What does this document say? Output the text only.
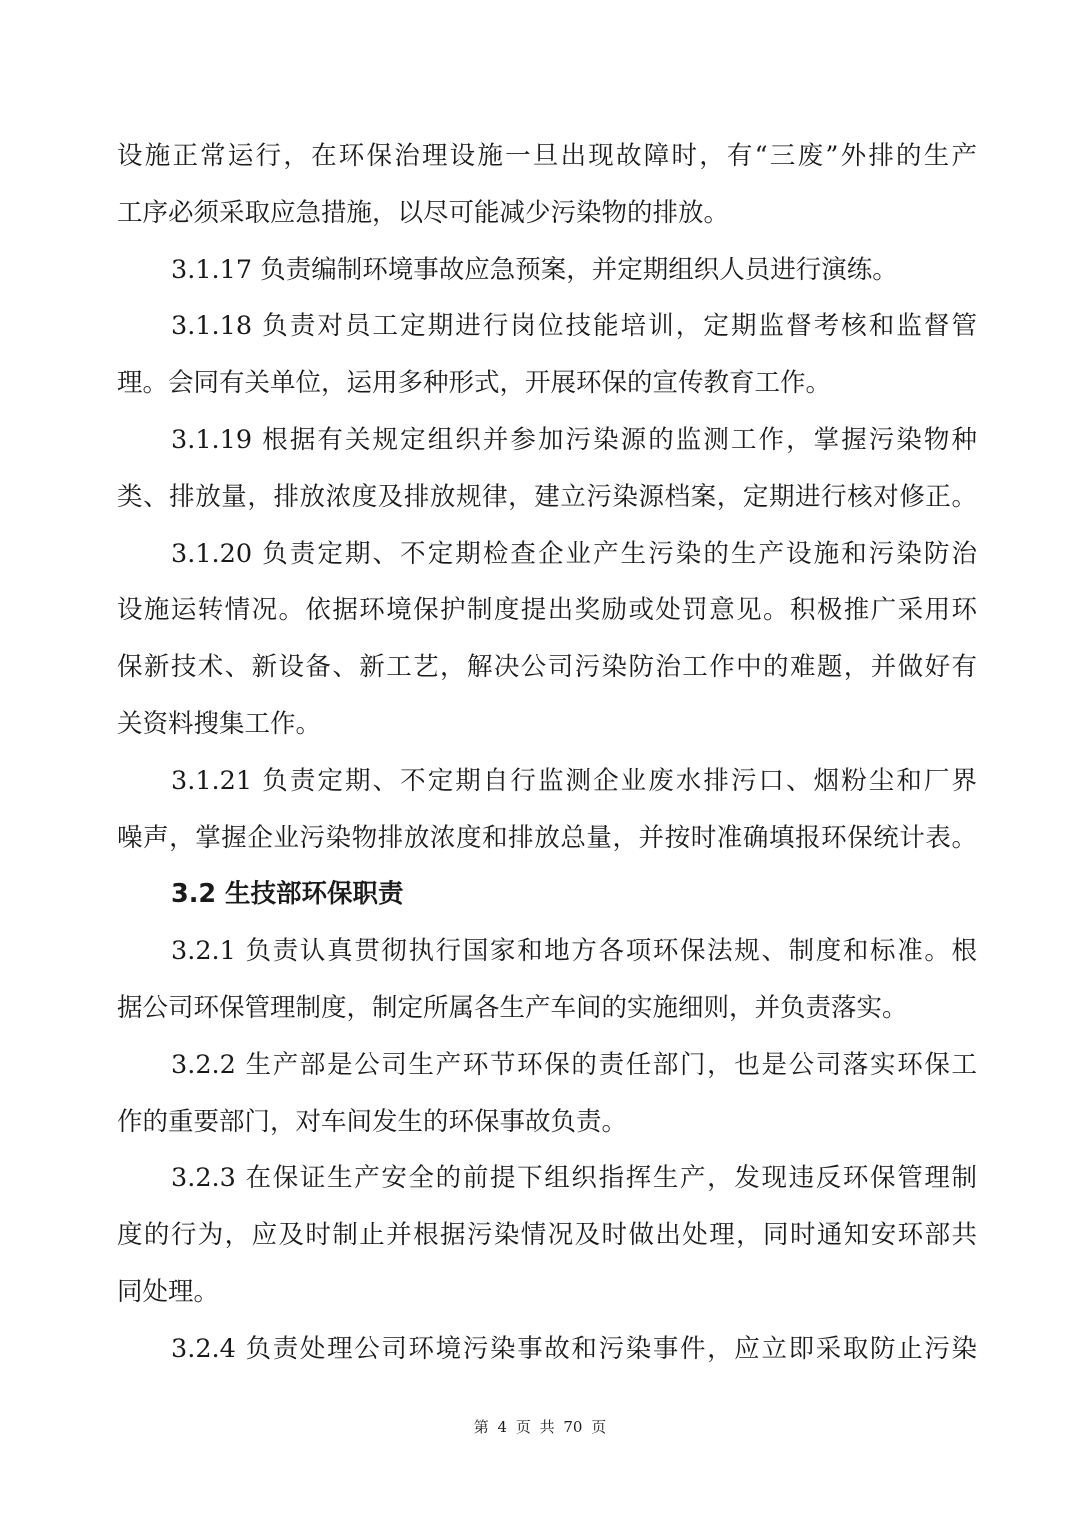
设施正常运行，在环保治理设施一旦出现故障时，有“三废”外排的生产
工序必须采取应急措施，以尽可能减少污染物的排放。
3.1.17 负责编制环境事故应急预案，并定期组织人员进行演练。
3.1.18 负责对员工定期进行岗位技能培训，定期监督考核和监督管
理。会同有关单位，运用多种形式，开展环保的宣传教育工作。
3.1.19 根据有关规定组织并参加污染源的监测工作，掌握污染物种
类、排放量，排放浓度及排放规律，建立污染源档案，定期进行核对修正。
3.1.20 负责定期、不定期检查企业产生污染的生产设施和污染防治
设施运转情况。依据环境保护制度提出奖励或处罚意见。积极推广采用环
保新技术、新设备、新工艺，解决公司污染防治工作中的难题，并做好有
关资料搜集工作。
3.1.21 负责定期、不定期自行监测企业废水排污口、烟粉尘和厂界
噪声，掌握企业污染物排放浓度和排放总量，并按时准确填报环保统计表。
3.2 生技部环保职责
3.2.1 负责认真贯彻执行国家和地方各项环保法规、制度和标准。根
据公司环保管理制度，制定所属各生产车间的实施细则，并负责落实。
3.2.2 生产部是公司生产环节环保的责任部门，也是公司落实环保工
作的重要部门，对车间发生的环保事故负责。
3.2.3 在保证生产安全的前提下组织指挥生产，发现违反环保管理制
度的行为，应及时制止并根据污染情况及时做出处理，同时通知安环部共
同处理。
3.2.4 负责处理公司环境污染事故和污染事件，应立即采取防止污染
第 4 页 共 70 页
